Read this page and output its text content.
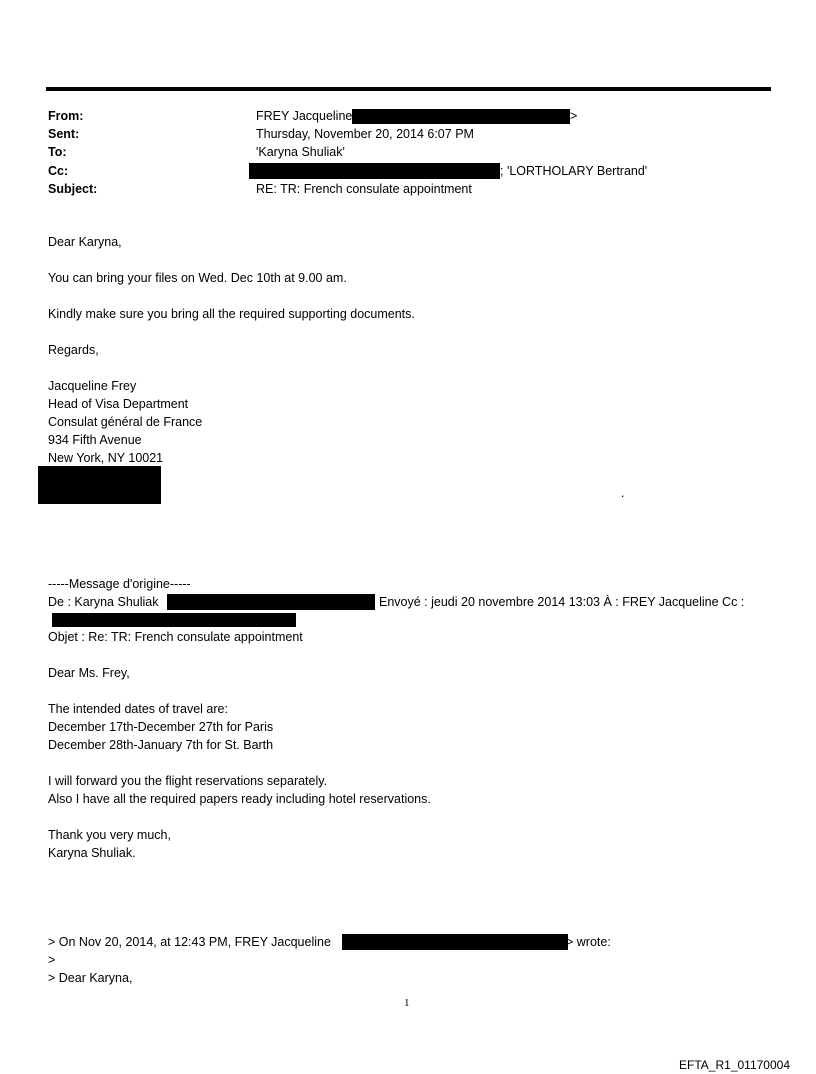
From:	FREY Jacqueline	>
Sent:	Thursday, November 20, 2014 6:07 PM
To:	'Karyna Shuliak'
Cc:	; 'LORTHOLARY Bertrand'
Subject:	RE: TR: French consulate appointment
Dear Karyna,
You can bring your files on Wed. Dec 10th at 9.00 am.
Kindly make sure you bring all the required supporting documents.
Regards,
Jacqueline Frey
Head of Visa Department
Consulat général de France
934 Fifth Avenue
New York, NY 10021
.
-----Message d'origine-----
De : Karyna Shuliak	Envoyé : jeudi 20 novembre 2014 13:03 À : FREY Jacqueline Cc :
Objet : Re: TR: French consulate appointment
Dear Ms. Frey,
The intended dates of travel are:
December 17th-December 27th for Paris
December 28th-January 7th for St. Barth
I will forward you the flight reservations separately.
Also I have all the required papers ready including hotel reservations.
Thank you very much,
Karyna Shuliak.
> On Nov 20, 2014, at 12:43 PM, FREY Jacqueline	> wrote:
>
> Dear Karyna,
1
EFTA_R1_01170004
